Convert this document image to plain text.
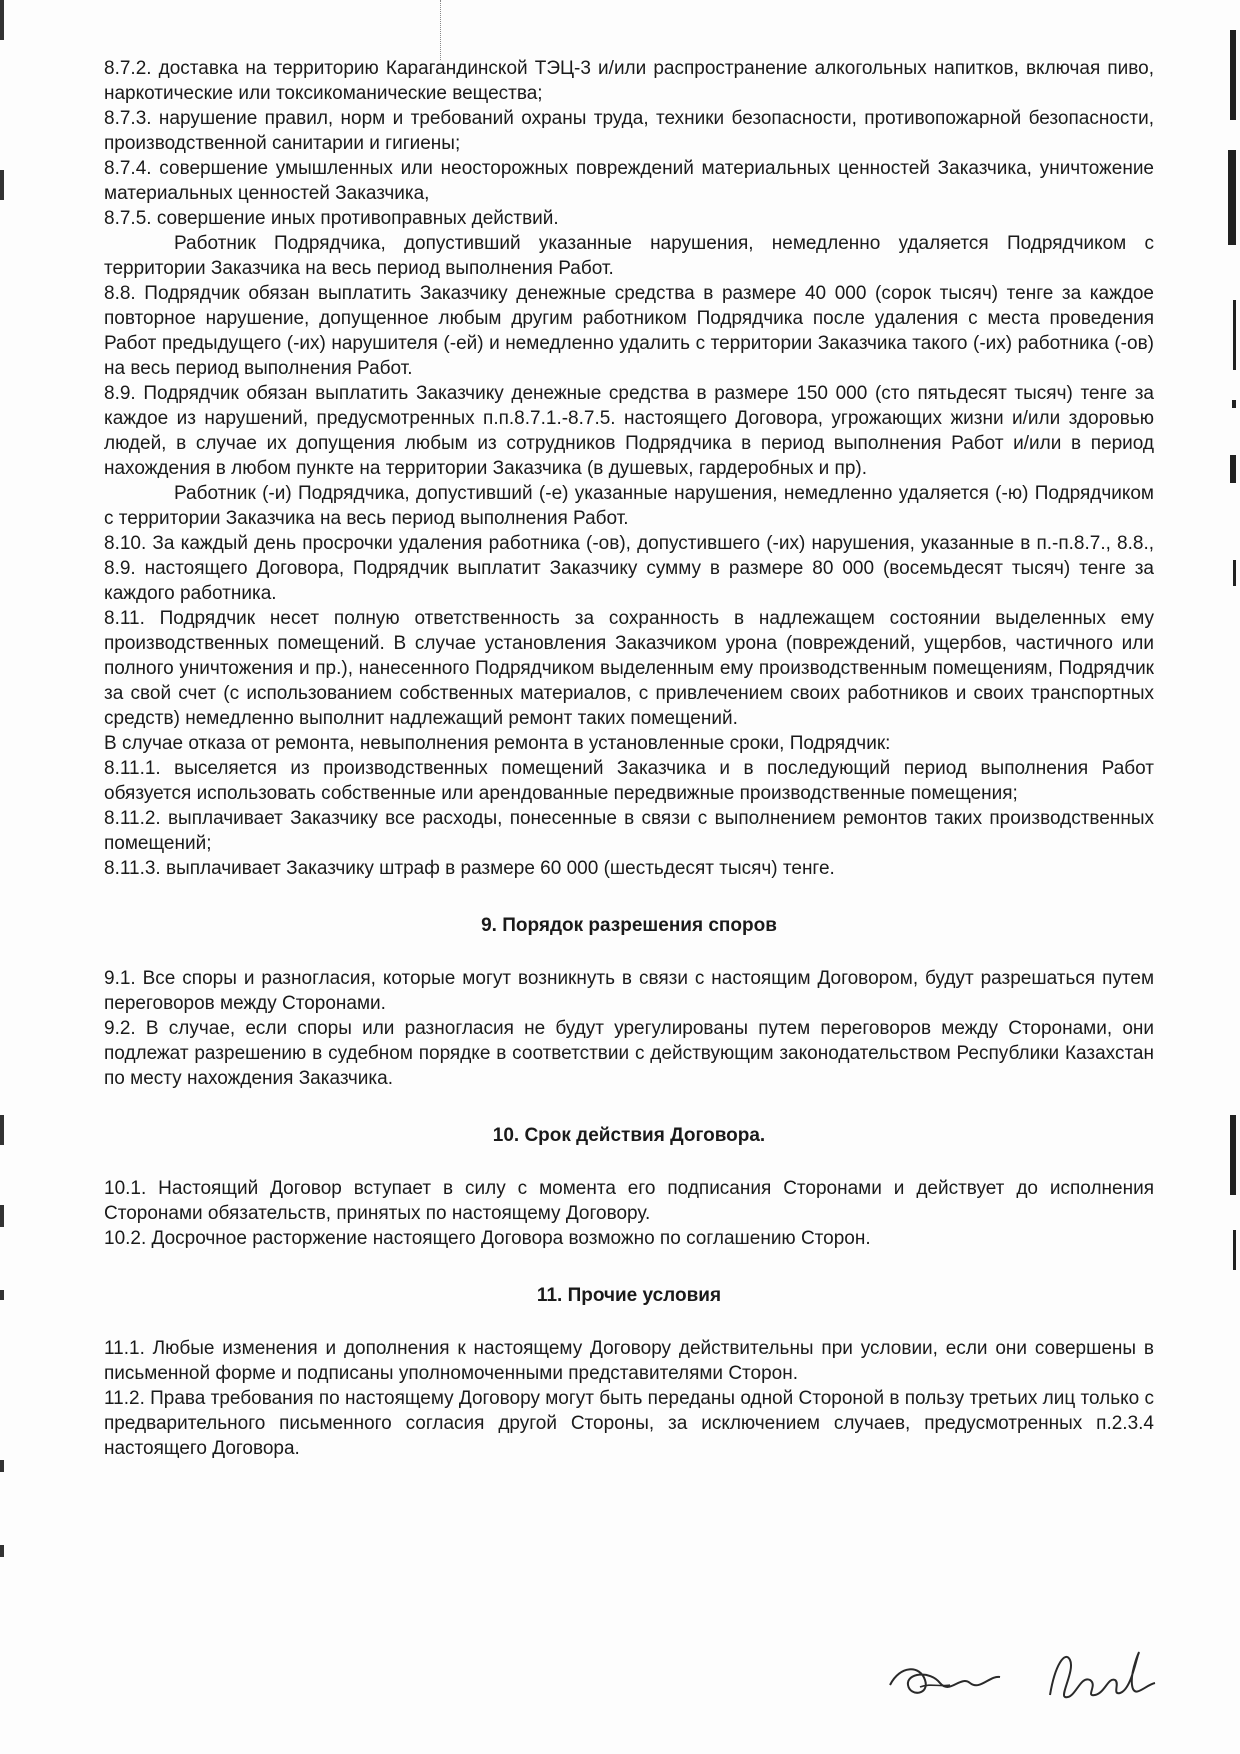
8.7.2. доставка на территорию Карагандинской ТЭЦ-3 и/или распространение алкогольных напитков, включая пиво, наркотические или токсикоманические вещества;

8.7.3. нарушение правил, норм и требований охраны труда, техники безопасности, противопожарной безопасности, производственной санитарии и гигиены;

8.7.4. совершение умышленных или неосторожных повреждений материальных ценностей Заказчика, уничтожение материальных ценностей Заказчика,

8.7.5. совершение иных противоправных действий.

Работник Подрядчика, допустивший указанные нарушения, немедленно удаляется Подрядчиком с территории Заказчика на весь период выполнения Работ.

8.8. Подрядчик обязан выплатить Заказчику денежные средства в размере 40 000 (сорок тысяч) тенге за каждое повторное нарушение, допущенное любым другим работником Подрядчика после удаления с места проведения Работ предыдущего (-их) нарушителя (-ей) и немедленно удалить с территории Заказчика такого (-их) работника (-ов) на весь период выполнения Работ.

8.9. Подрядчик обязан выплатить Заказчику денежные средства в размере 150 000 (сто пятьдесят тысяч) тенге за каждое из нарушений, предусмотренных п.п.8.7.1.-8.7.5. настоящего Договора, угрожающих жизни и/или здоровью людей, в случае их допущения любым из сотрудников Подрядчика в период выполнения Работ и/или в период нахождения в любом пункте на территории Заказчика (в душевых, гардеробных и пр).

Работник (-и) Подрядчика, допустивший (-е) указанные нарушения, немедленно удаляется (-ю) Подрядчиком с территории Заказчика на весь период выполнения Работ.

8.10. За каждый день просрочки удаления работника (-ов), допустившего (-их) нарушения, указанные в п.-п.8.7., 8.8., 8.9. настоящего Договора, Подрядчик выплатит Заказчику сумму в размере 80 000 (восемьдесят тысяч) тенге за каждого работника.

8.11. Подрядчик несет полную ответственность за сохранность в надлежащем состоянии выделенных ему производственных помещений. В случае установления Заказчиком урона (повреждений, ущербов, частичного или полного уничтожения и пр.), нанесенного Подрядчиком выделенным ему производственным помещениям, Подрядчик за свой счет (с использованием собственных материалов, с привлечением своих работников и своих транспортных средств) немедленно выполнит надлежащий ремонт таких помещений.

В случае отказа от ремонта, невыполнения ремонта в установленные сроки, Подрядчик:

8.11.1. выселяется из производственных помещений Заказчика и в последующий период выполнения Работ обязуется использовать собственные или арендованные передвижные производственные помещения;

8.11.2. выплачивает Заказчику все расходы, понесенные в связи с выполнением ремонтов таких производственных помещений;

8.11.3. выплачивает Заказчику штраф в размере 60 000 (шестьдесят тысяч) тенге.

9. Порядок разрешения споров

9.1. Все споры и разногласия, которые могут возникнуть в связи с настоящим Договором, будут разрешаться путем переговоров между Сторонами.

9.2. В случае, если споры или разногласия не будут урегулированы путем переговоров между Сторонами, они подлежат разрешению в судебном порядке в соответствии с действующим законодательством Республики Казахстан по месту нахождения Заказчика.

10. Срок действия Договора.

10.1. Настоящий Договор вступает в силу с момента его подписания Сторонами и действует до исполнения Сторонами обязательств, принятых по настоящему Договору.

10.2. Досрочное расторжение настоящего Договора возможно по соглашению Сторон.

11. Прочие условия

11.1. Любые изменения и дополнения к настоящему Договору действительны при условии, если они совершены в письменной форме и подписаны уполномоченными представителями Сторон.

11.2. Права требования по настоящему Договору могут быть переданы одной Стороной в пользу третьих лиц только с предварительного письменного согласия другой Стороны, за исключением случаев, предусмотренных п.2.3.4 настоящего Договора.
